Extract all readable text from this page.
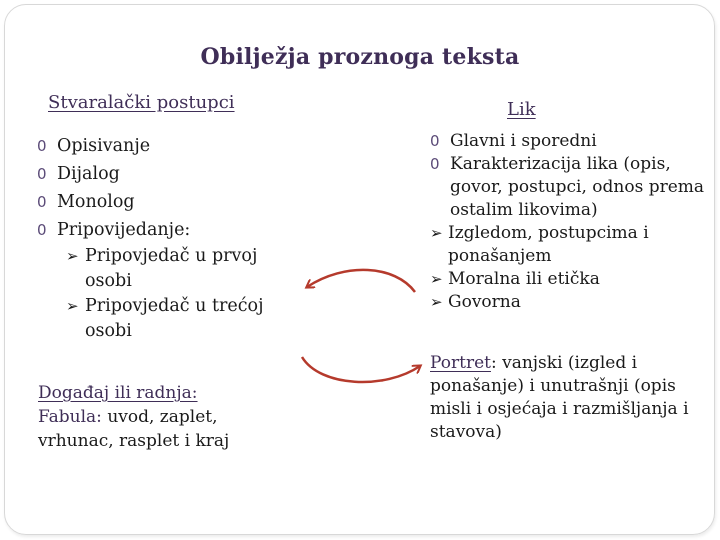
Obilježja proznoga teksta
Stvaralački postupci	Lik
0 Opisivanje
0 Dijalog
0 Monolog
0 Pripovijedanje:
➢ Pripovjedač u prvoj osobi
➢ Pripovjedač u trećoj osobi
Događaj ili radnja:
Fabula: uvod, zaplet, vrhunac, rasplet i kraj
0 Glavni i sporedni
0 Karakterizacija lika (opis, govor, postupci, odnos prema ostalim likovima)
➢ Izgledom, postupcima i ponašanjem
➢ Moralna ili etička
➢ Govorna
Portret: vanjski (izgled i ponašanje) i unutrašnji (opis misli i osjećaja i razmišljanja i stavova)
